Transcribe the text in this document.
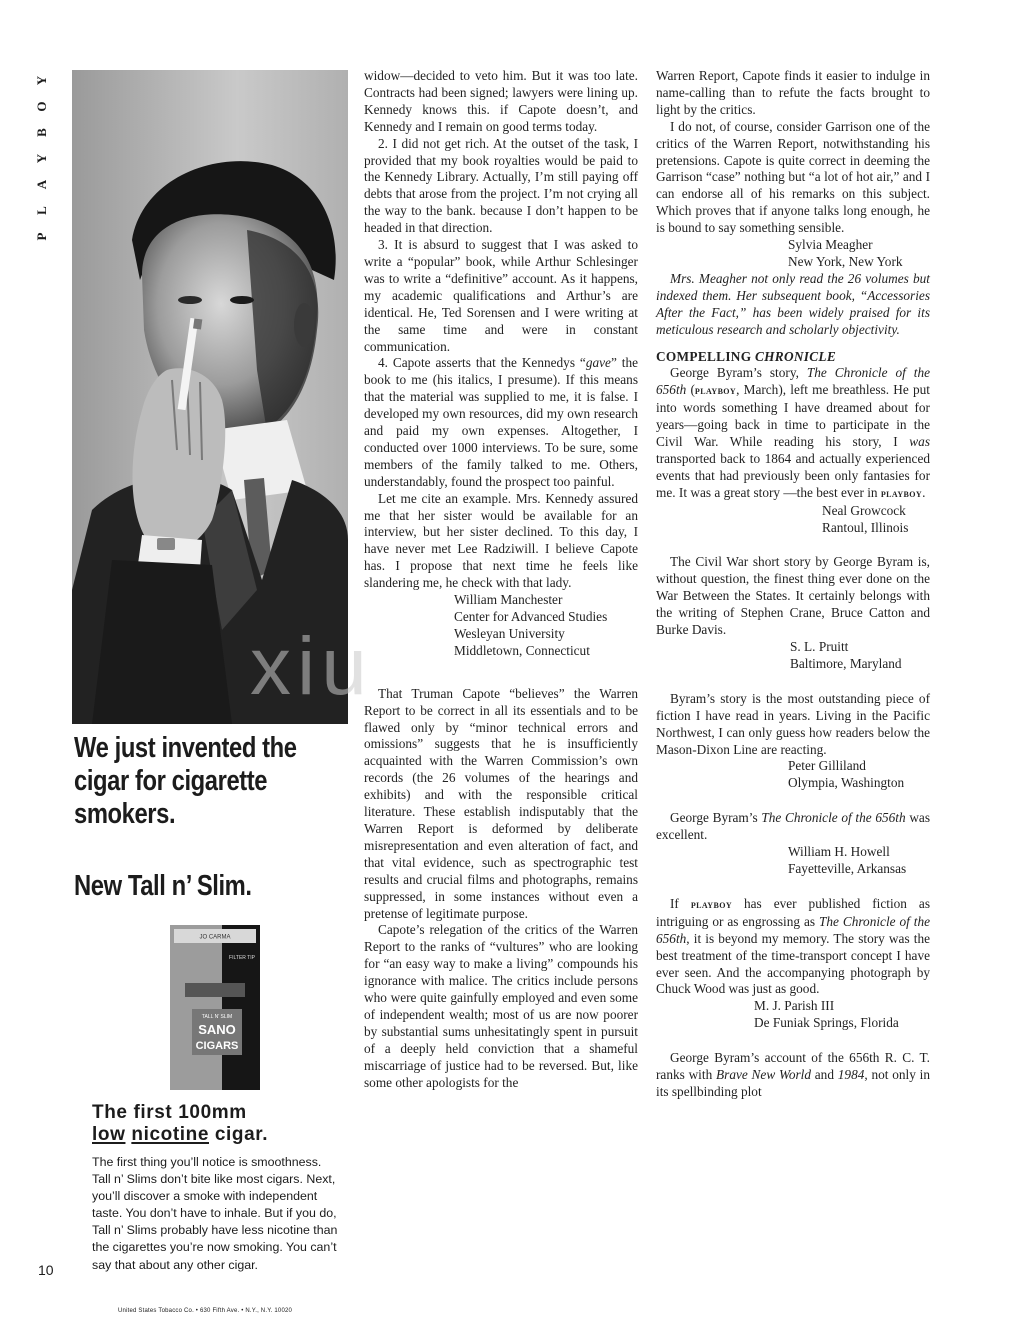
Y
O
B
Y
A
L
P
10
We just invented the cigar for cigarette smokers.
New Tall n’ Slim.
JO CARMA
FILTER TIP
TALL N’ SLIM
SANO
CIGARS
The first 100mm
low nicotine cigar.
The first thing you’ll notice is smoothness. Tall n’ Slims don’t bite like most cigars. Next, you’ll discover a smoke with independent taste. You don’t have to inhale. But if you do, Tall n’ Slims probably have less nicotine than the cigarettes you’re now smoking. You can’t say that about any other cigar.
United States Tobacco Co. • 630 Fifth Ave. • N.Y., N.Y. 10020

widow—decided to veto him. But it was too late. Contracts had been signed; lawyers were lining up. Kennedy knows this. if Capote doesn’t, and Kennedy and I remain on good terms today.

2. I did not get rich. At the outset of the task, I provided that my book royalties would be paid to the Kennedy Library. Actually, I’m still paying off debts that arose from the project. I’m not crying all the way to the bank. because I don’t happen to be headed in that direction.

3. It is absurd to suggest that I was asked to write a “popular” book, while Arthur Schlesinger was to write a “definitive” account. As it happens, my academic qualifications and Arthur’s are identical. He, Ted Sorensen and I were writing at the same time and were in constant communication.

4. Capote asserts that the Kennedys “gave” the book to me (his italics, I presume). If this means that the material was supplied to me, it is false. I developed my own resources, did my own research and paid my own expenses. Altogether, I conducted over 1000 interviews. To be sure, some members of the family talked to me. Others, understandably, found the prospect too painful.

Let me cite an example. Mrs. Kennedy assured me that her sister would be available for an interview, but her sister declined. To this day, I have never met Lee Radziwill. I believe Capote has. I propose that next time he feels like slandering me, he check with that lady.

William Manchester
Center for Advanced Studies
Wesleyan University
Middletown, Connecticut

That Truman Capote “believes” the Warren Report to be correct in all its essentials and to be flawed only by “minor technical errors and omissions” suggests that he is insufficiently acquainted with the Warren Commission’s own records (the 26 volumes of the hearings and exhibits) and with the responsible critical literature. These establish indisputably that the Warren Report is deformed by deliberate misrepresentation and even alteration of fact, and that vital evidence, such as spectrographic test results and crucial films and photographs, remains suppressed, in some instances without even a pretense of legitimate purpose.

Capote’s relegation of the critics of the Warren Report to the ranks of “vultures” who are looking for “an easy way to make a living” compounds his ignorance with malice. The critics include persons who were quite gainfully employed and even some of independent wealth; most of us are now poorer by substantial sums unhesitatingly spent in pursuit of a deeply held conviction that a shameful miscarriage of justice had to be reversed. But, like some other apologists for the

Warren Report, Capote finds it easier to indulge in name-calling than to refute the facts brought to light by the critics.

I do not, of course, consider Garrison one of the critics of the Warren Report, notwithstanding his pretensions. Capote is quite correct in deeming the Garrison “case” nothing but “a lot of hot air,” and I can endorse all of his remarks on this subject. Which proves that if anyone talks long enough, he is bound to say something sensible.

Sylvia Meagher
New York, New York

Mrs. Meagher not only read the 26 volumes but indexed them. Her subsequent book, “Accessories After the Fact,” has been widely praised for its meticulous research and scholarly objectivity.

COMPELLING CHRONICLE

George Byram’s story, The Chronicle of the 656th (playboy, March), left me breathless. He put into words something I have dreamed about for years—going back in time to participate in the Civil War. While reading his story, I was transported back to 1864 and actually experienced events that had previously been only fantasies for me. It was a great story —the best ever in playboy.

Neal Growcock
Rantoul, Illinois

The Civil War short story by George Byram is, without question, the finest thing ever done on the War Between the States. It certainly belongs with the writing of Stephen Crane, Bruce Catton and Burke Davis.

S. L. Pruitt
Baltimore, Maryland

Byram’s story is the most outstanding piece of fiction I have read in years. Living in the Pacific Northwest, I can only guess how readers below the Mason-Dixon Line are reacting.

Peter Gilliland
Olympia, Washington

George Byram’s The Chronicle of the 656th was excellent.

William H. Howell
Fayetteville, Arkansas

If playboy has ever published fiction as intriguing or as engrossing as The Chronicle of the 656th, it is beyond my memory. The story was the best treatment of the time-transport concept I have ever seen. And the accompanying photograph by Chuck Wood was just as good.

M. J. Parish III
De Funiak Springs, Florida

George Byram’s account of the 656th R. C. T. ranks with Brave New World and 1984, not only in its spellbinding plot

xiu
